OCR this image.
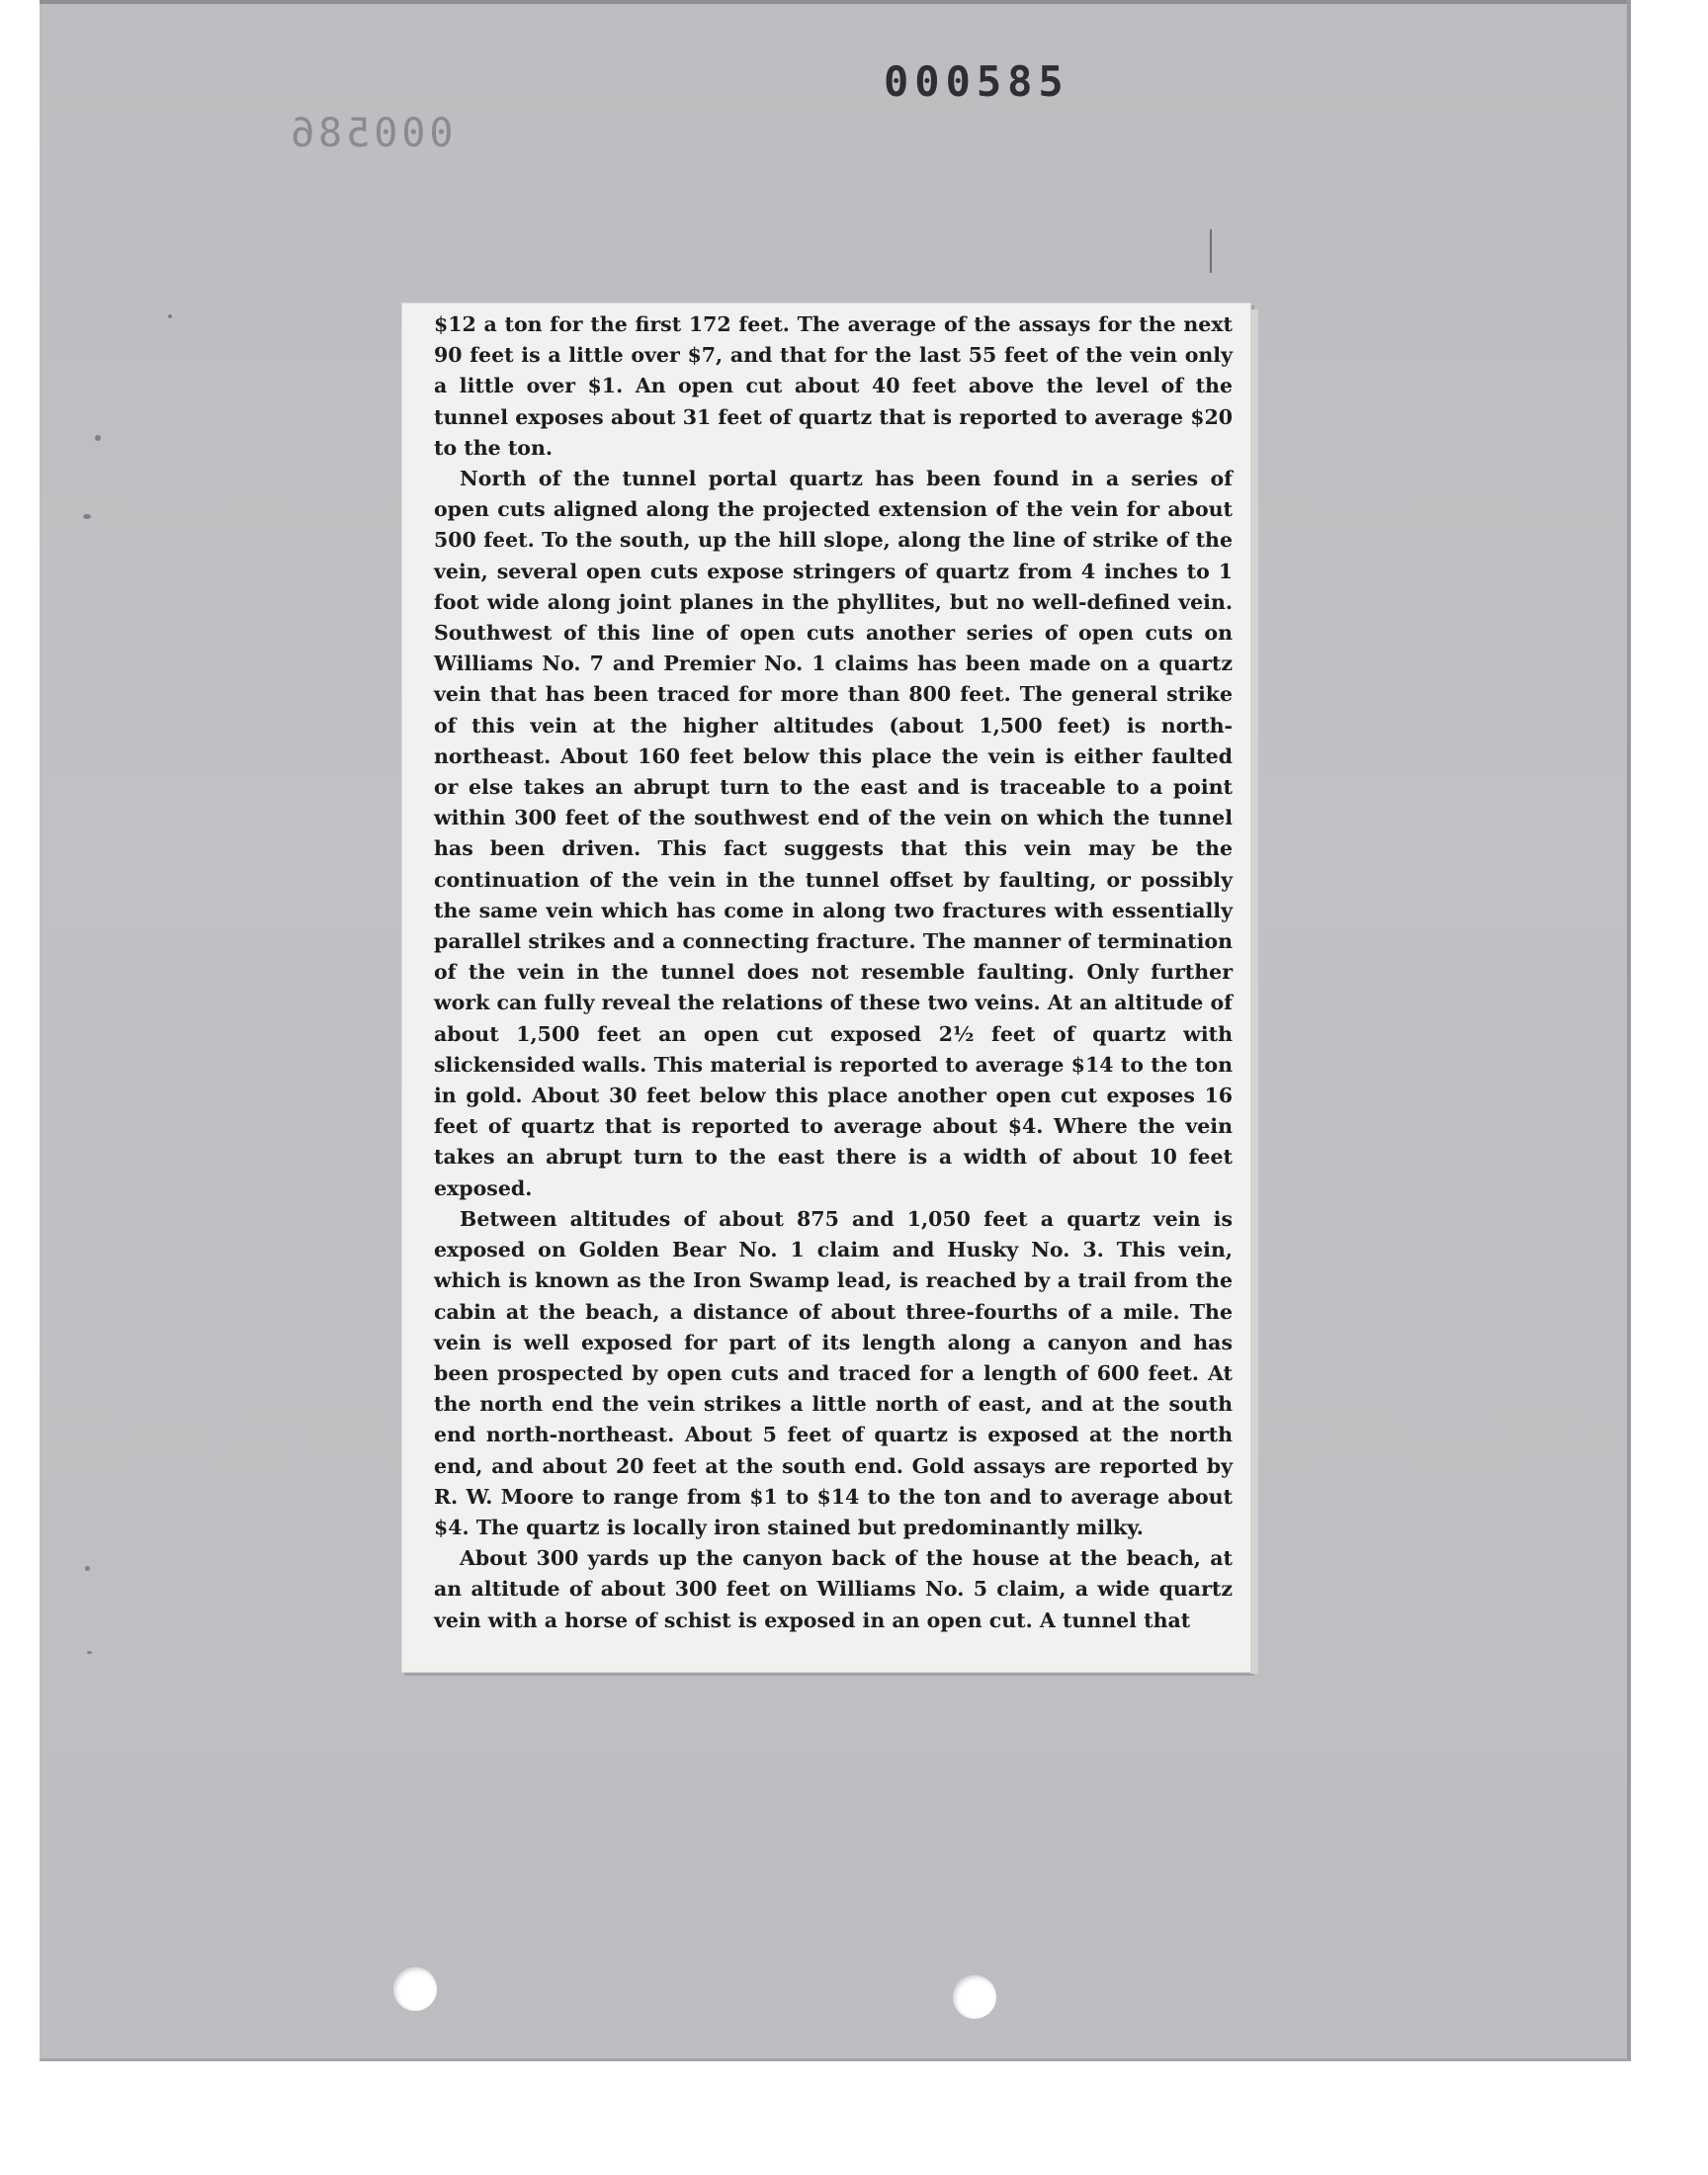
000585
000586

$12 a ton for the first 172 feet. The average of the assays for the next 90 feet is a little over $7, and that for the last 55 feet of the vein only a little over $1. An open cut about 40 feet above the level of the tunnel exposes about 31 feet of quartz that is reported to average $20 to the ton.

North of the tunnel portal quartz has been found in a series of open cuts aligned along the projected extension of the vein for about 500 feet. To the south, up the hill slope, along the line of strike of the vein, several open cuts expose stringers of quartz from 4 inches to 1 foot wide along joint planes in the phyllites, but no well-defined vein. Southwest of this line of open cuts another series of open cuts on Williams No. 7 and Premier No. 1 claims has been made on a quartz vein that has been traced for more than 800 feet. The general strike of this vein at the higher altitudes (about 1,500 feet) is north-northeast. About 160 feet below this place the vein is either faulted or else takes an abrupt turn to the east and is traceable to a point within 300 feet of the southwest end of the vein on which the tunnel has been driven. This fact suggests that this vein may be the continuation of the vein in the tunnel offset by faulting, or possibly the same vein which has come in along two fractures with essentially parallel strikes and a connecting fracture. The manner of termination of the vein in the tunnel does not resemble faulting. Only further work can fully reveal the relations of these two veins. At an altitude of about 1,500 feet an open cut exposed 2½ feet of quartz with slickensided walls. This material is reported to average $14 to the ton in gold. About 30 feet below this place another open cut exposes 16 feet of quartz that is reported to average about $4. Where the vein takes an abrupt turn to the east there is a width of about 10 feet exposed.

Between altitudes of about 875 and 1,050 feet a quartz vein is exposed on Golden Bear No. 1 claim and Husky No. 3. This vein, which is known as the Iron Swamp lead, is reached by a trail from the cabin at the beach, a distance of about three-fourths of a mile. The vein is well exposed for part of its length along a canyon and has been prospected by open cuts and traced for a length of 600 feet. At the north end the vein strikes a little north of east, and at the south end north-northeast. About 5 feet of quartz is exposed at the north end, and about 20 feet at the south end. Gold assays are reported by R. W. Moore to range from $1 to $14 to the ton and to average about $4. The quartz is locally iron stained but predominantly milky.

About 300 yards up the canyon back of the house at the beach, at an altitude of about 300 feet on Williams No. 5 claim, a wide quartz vein with a horse of schist is exposed in an open cut. A tunnel that
